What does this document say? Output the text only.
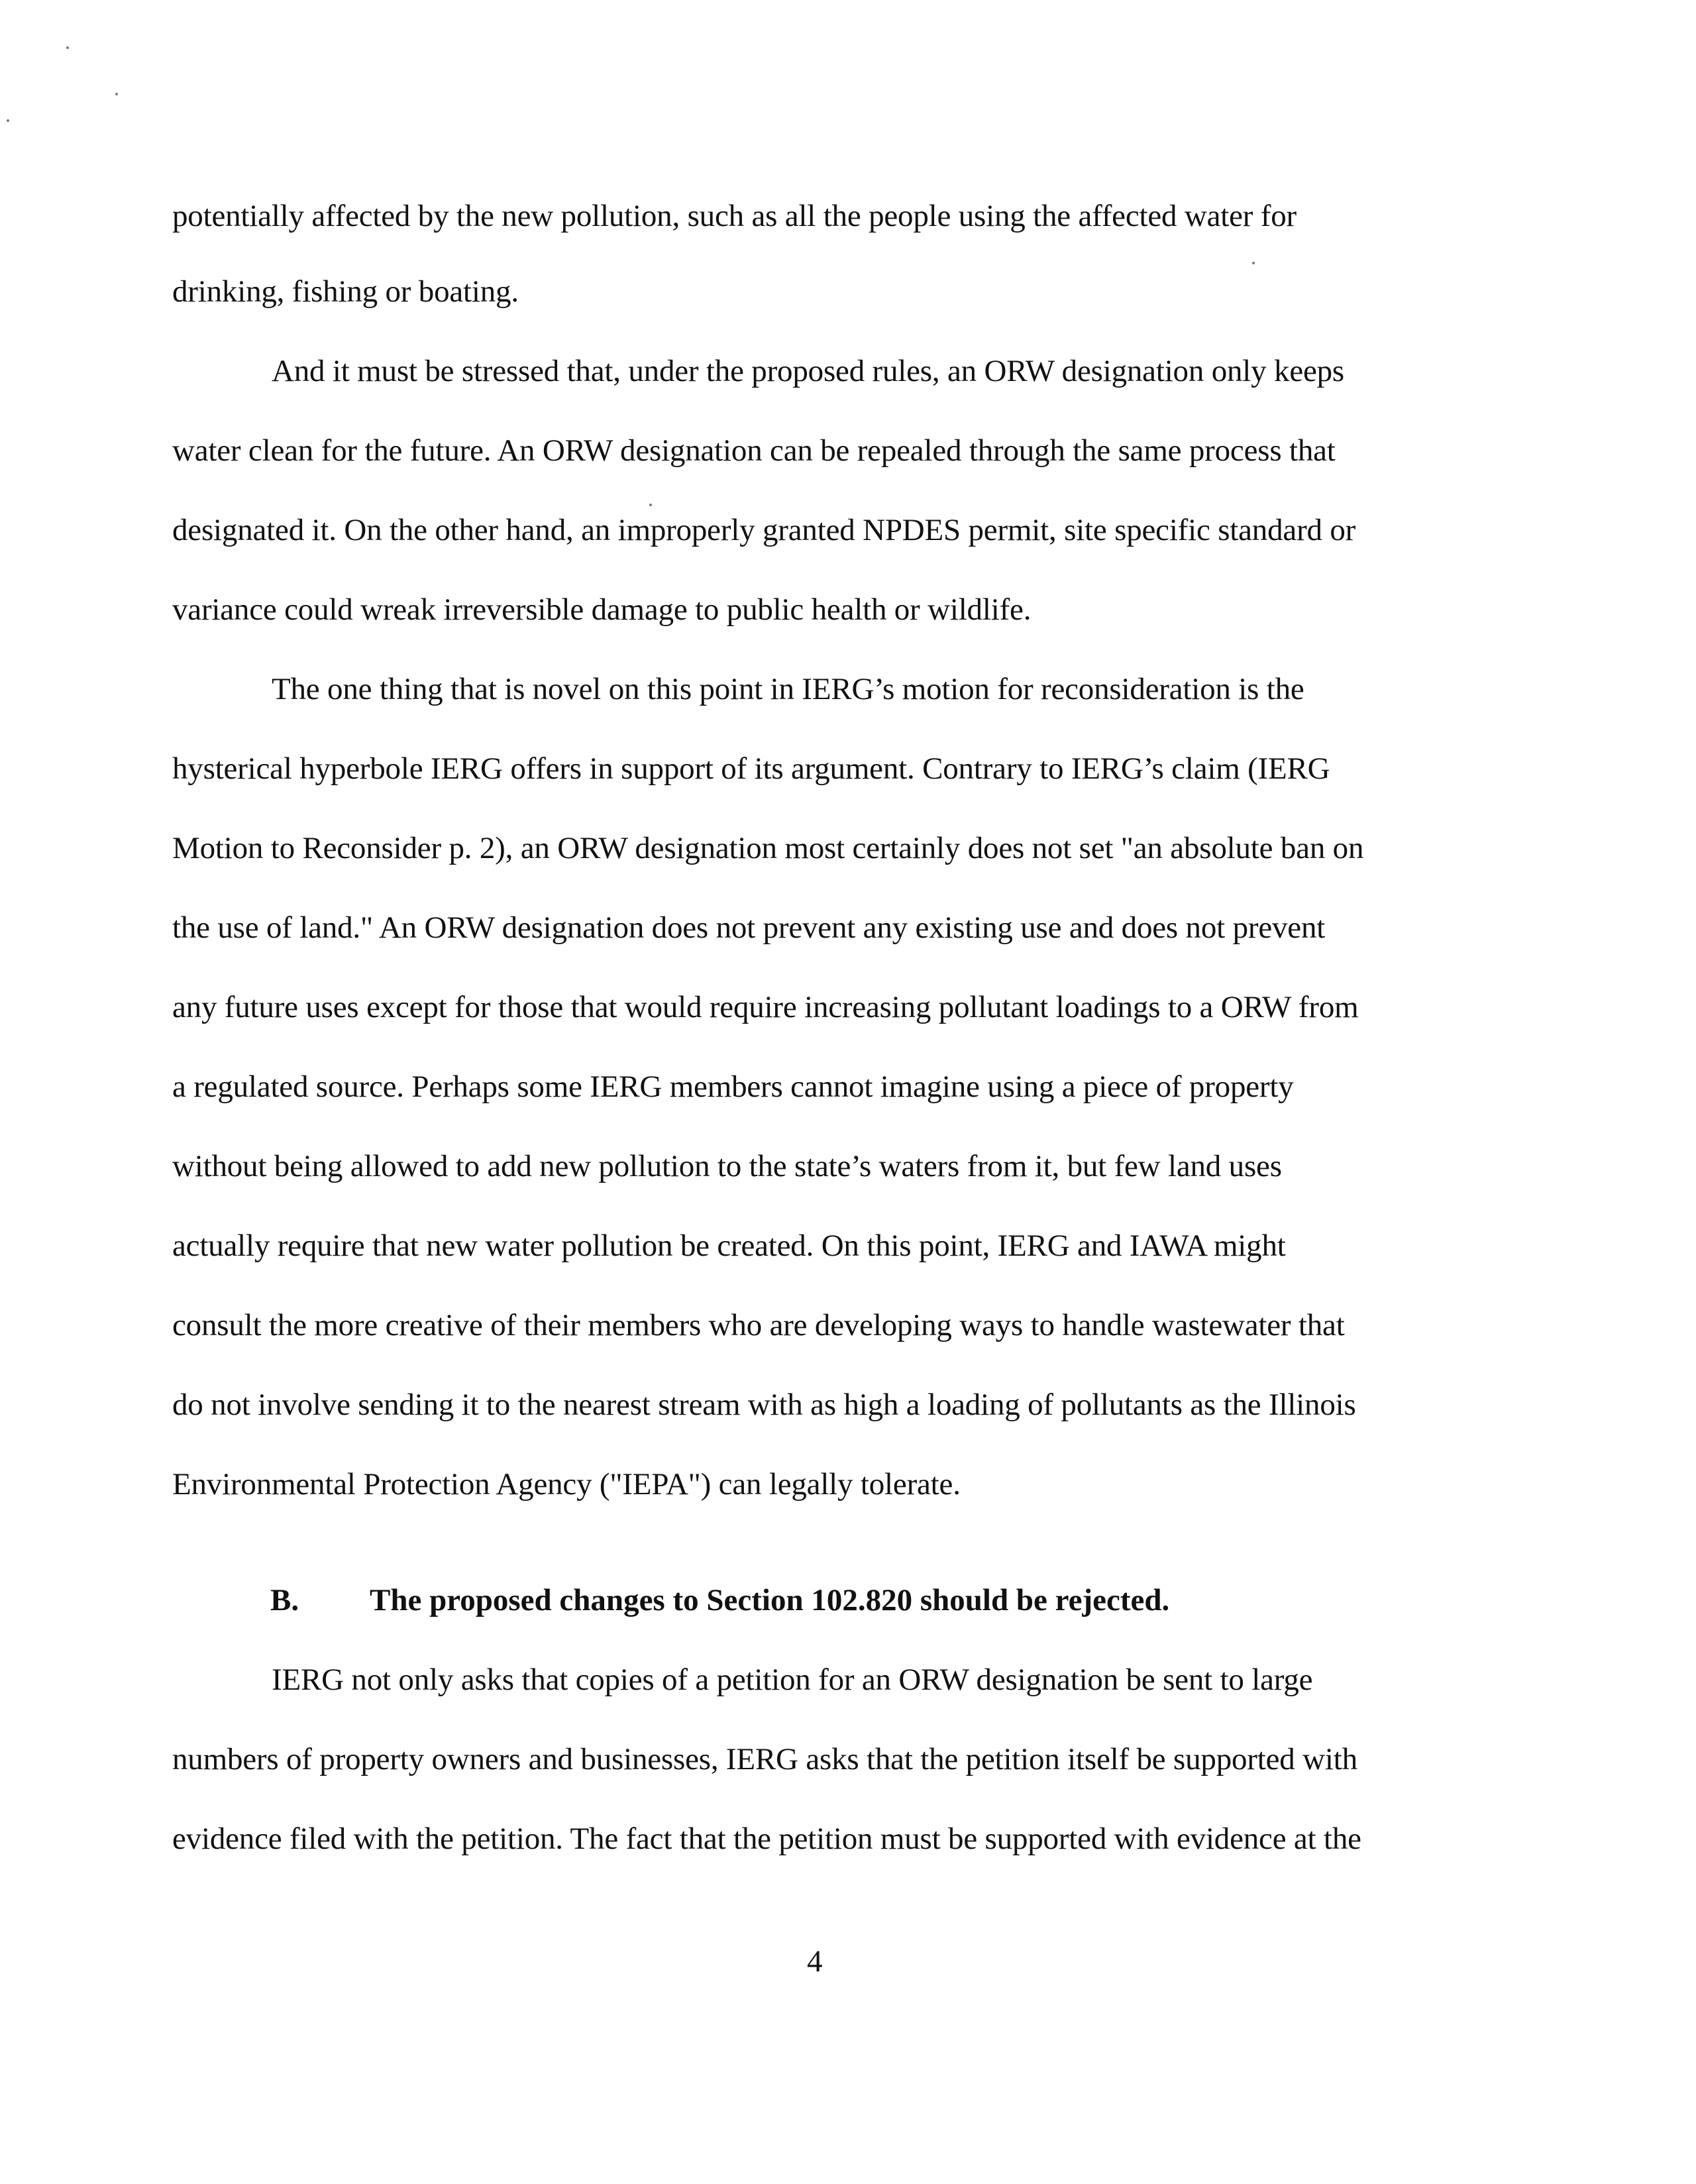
potentially affected by the new pollution, such as all the people using the affected water for
drinking, fishing or boating.
And it must be stressed that, under the proposed rules, an ORW designation only keeps
water clean for the future. An ORW designation can be repealed through the same process that
designated it. On the other hand, an improperly granted NPDES permit, site specific standard or
variance could wreak irreversible damage to public health or wildlife.
The one thing that is novel on this point in IERG’s motion for reconsideration is the
hysterical hyperbole IERG offers in support of its argument. Contrary to IERG’s claim (IERG
Motion to Reconsider p. 2), an ORW designation most certainly does not set "an absolute ban on
the use of land." An ORW designation does not prevent any existing use and does not prevent
any future uses except for those that would require increasing pollutant loadings to a ORW from
a regulated source. Perhaps some IERG members cannot imagine using a piece of property
without being allowed to add new pollution to the state’s waters from it, but few land uses
actually require that new water pollution be created. On this point, IERG and IAWA might
consult the more creative of their members who are developing ways to handle wastewater that
do not involve sending it to the nearest stream with as high a loading of pollutants as the Illinois
Environmental Protection Agency ("IEPA") can legally tolerate.
B. The proposed changes to Section 102.820 should be rejected.
IERG not only asks that copies of a petition for an ORW designation be sent to large
numbers of property owners and businesses, IERG asks that the petition itself be supported with
evidence filed with the petition. The fact that the petition must be supported with evidence at the
4
